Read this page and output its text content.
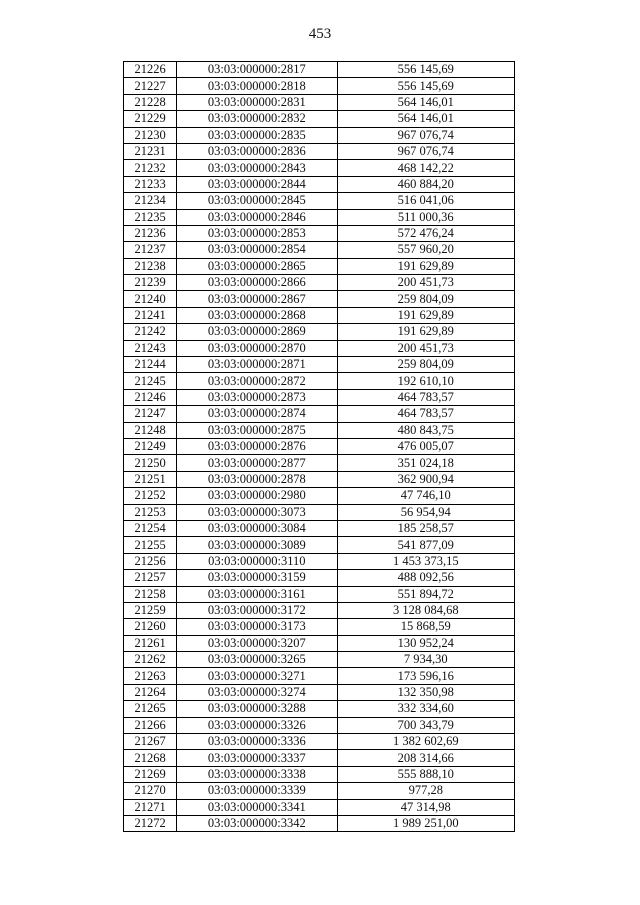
453
21226	03:03:000000:2817	556 145,69
21227	03:03:000000:2818	556 145,69
21228	03:03:000000:2831	564 146,01
21229	03:03:000000:2832	564 146,01
21230	03:03:000000:2835	967 076,74
21231	03:03:000000:2836	967 076,74
21232	03:03:000000:2843	468 142,22
21233	03:03:000000:2844	460 884,20
21234	03:03:000000:2845	516 041,06
21235	03:03:000000:2846	511 000,36
21236	03:03:000000:2853	572 476,24
21237	03:03:000000:2854	557 960,20
21238	03:03:000000:2865	191 629,89
21239	03:03:000000:2866	200 451,73
21240	03:03:000000:2867	259 804,09
21241	03:03:000000:2868	191 629,89
21242	03:03:000000:2869	191 629,89
21243	03:03:000000:2870	200 451,73
21244	03:03:000000:2871	259 804,09
21245	03:03:000000:2872	192 610,10
21246	03:03:000000:2873	464 783,57
21247	03:03:000000:2874	464 783,57
21248	03:03:000000:2875	480 843,75
21249	03:03:000000:2876	476 005,07
21250	03:03:000000:2877	351 024,18
21251	03:03:000000:2878	362 900,94
21252	03:03:000000:2980	47 746,10
21253	03:03:000000:3073	56 954,94
21254	03:03:000000:3084	185 258,57
21255	03:03:000000:3089	541 877,09
21256	03:03:000000:3110	1 453 373,15
21257	03:03:000000:3159	488 092,56
21258	03:03:000000:3161	551 894,72
21259	03:03:000000:3172	3 128 084,68
21260	03:03:000000:3173	15 868,59
21261	03:03:000000:3207	130 952,24
21262	03:03:000000:3265	7 934,30
21263	03:03:000000:3271	173 596,16
21264	03:03:000000:3274	132 350,98
21265	03:03:000000:3288	332 334,60
21266	03:03:000000:3326	700 343,79
21267	03:03:000000:3336	1 382 602,69
21268	03:03:000000:3337	208 314,66
21269	03:03:000000:3338	555 888,10
21270	03:03:000000:3339	977,28
21271	03:03:000000:3341	47 314,98
21272	03:03:000000:3342	1 989 251,00
